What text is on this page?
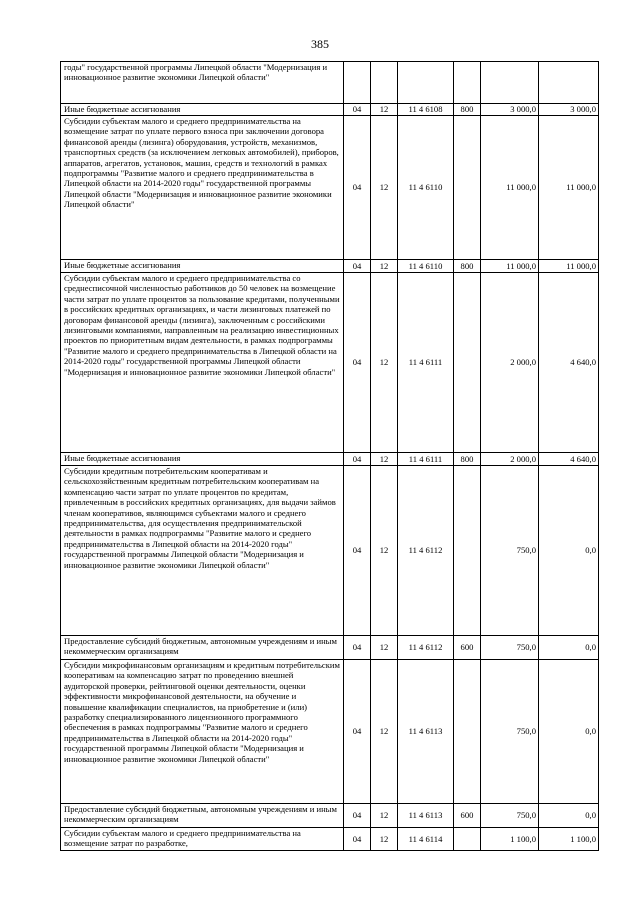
385
годы" государственной программы Липецкой области "Модернизация и инновационное развитие экономики Липецкой области"						
Иные бюджетные ассигнования	04	12	11 4 6108	800	3 000,0	3 000,0
Субсидии субъектам малого и среднего предпринимательства на возмещение затрат по уплате первого взноса при заключении договора финансовой аренды (лизинга) оборудования, устройств, механизмов, транспортных средств (за исключением легковых автомобилей), приборов, аппаратов, агрегатов, установок, машин, средств и технологий в рамках подпрограммы "Развитие малого и среднего предпринимательства в Липецкой области на 2014-2020 годы" государственной программы Липецкой области "Модернизация и инновационное развитие экономики Липецкой области"	04	12	11 4 6110		11 000,0	11 000,0
Иные бюджетные ассигнования	04	12	11 4 6110	800	11 000,0	11 000,0
Субсидии субъектам малого и среднего предпринимательства со среднесписочной численностью работников до 50 человек на возмещение части затрат по уплате процентов за пользование кредитами, полученными в российских кредитных организациях, и части лизинговых платежей по договорам финансовой аренды (лизинга), заключенным с российскими лизинговыми компаниями, направленным на реализацию инвестиционных проектов по приоритетным видам деятельности, в рамках подпрограммы "Развитие малого и среднего предпринимательства в Липецкой области на 2014-2020 годы" государственной программы Липецкой области "Модернизация и инновационное развитие экономики Липецкой области"	04	12	11 4 6111		2 000,0	4 640,0
Иные бюджетные ассигнования	04	12	11 4 6111	800	2 000,0	4 640,0
Субсидии кредитным потребительским кооперативам и сельскохозяйственным кредитным потребительским кооперативам на компенсацию части затрат по уплате процентов по кредитам, привлеченным в российских кредитных организациях, для выдачи займов членам кооперативов, являющимся субъектами малого и среднего предпринимательства, для осуществления предпринимательской деятельности в рамках подпрограммы "Развитие малого и среднего предпринимательства в Липецкой области на 2014-2020 годы" государственной программы Липецкой области "Модернизация и инновационное развитие экономики Липецкой области"	04	12	11 4 6112		750,0	0,0
Предоставление субсидий бюджетным, автономным учреждениям и иным некоммерческим организациям	04	12	11 4 6112	600	750,0	0,0
Субсидии микрофинансовым организациям и кредитным потребительским кооперативам на компенсацию затрат по проведению внешней аудиторской проверки, рейтинговой оценки деятельности, оценки эффективности микрофинансовой деятельности, на обучение и повышение квалификации специалистов, на приобретение и (или) разработку специализированного лицензионного программного обеспечения в рамках подпрограммы "Развитие малого и среднего предпринимательства в Липецкой области на 2014-2020 годы" государственной программы Липецкой области "Модернизация и инновационное развитие экономики Липецкой области"	04	12	11 4 6113		750,0	0,0
Предоставление субсидий бюджетным, автономным учреждениям и иным некоммерческим организациям	04	12	11 4 6113	600	750,0	0,0
Субсидии субъектам малого и среднего предпринимательства на возмещение затрат по разработке,	04	12	11 4 6114		1 100,0	1 100,0
